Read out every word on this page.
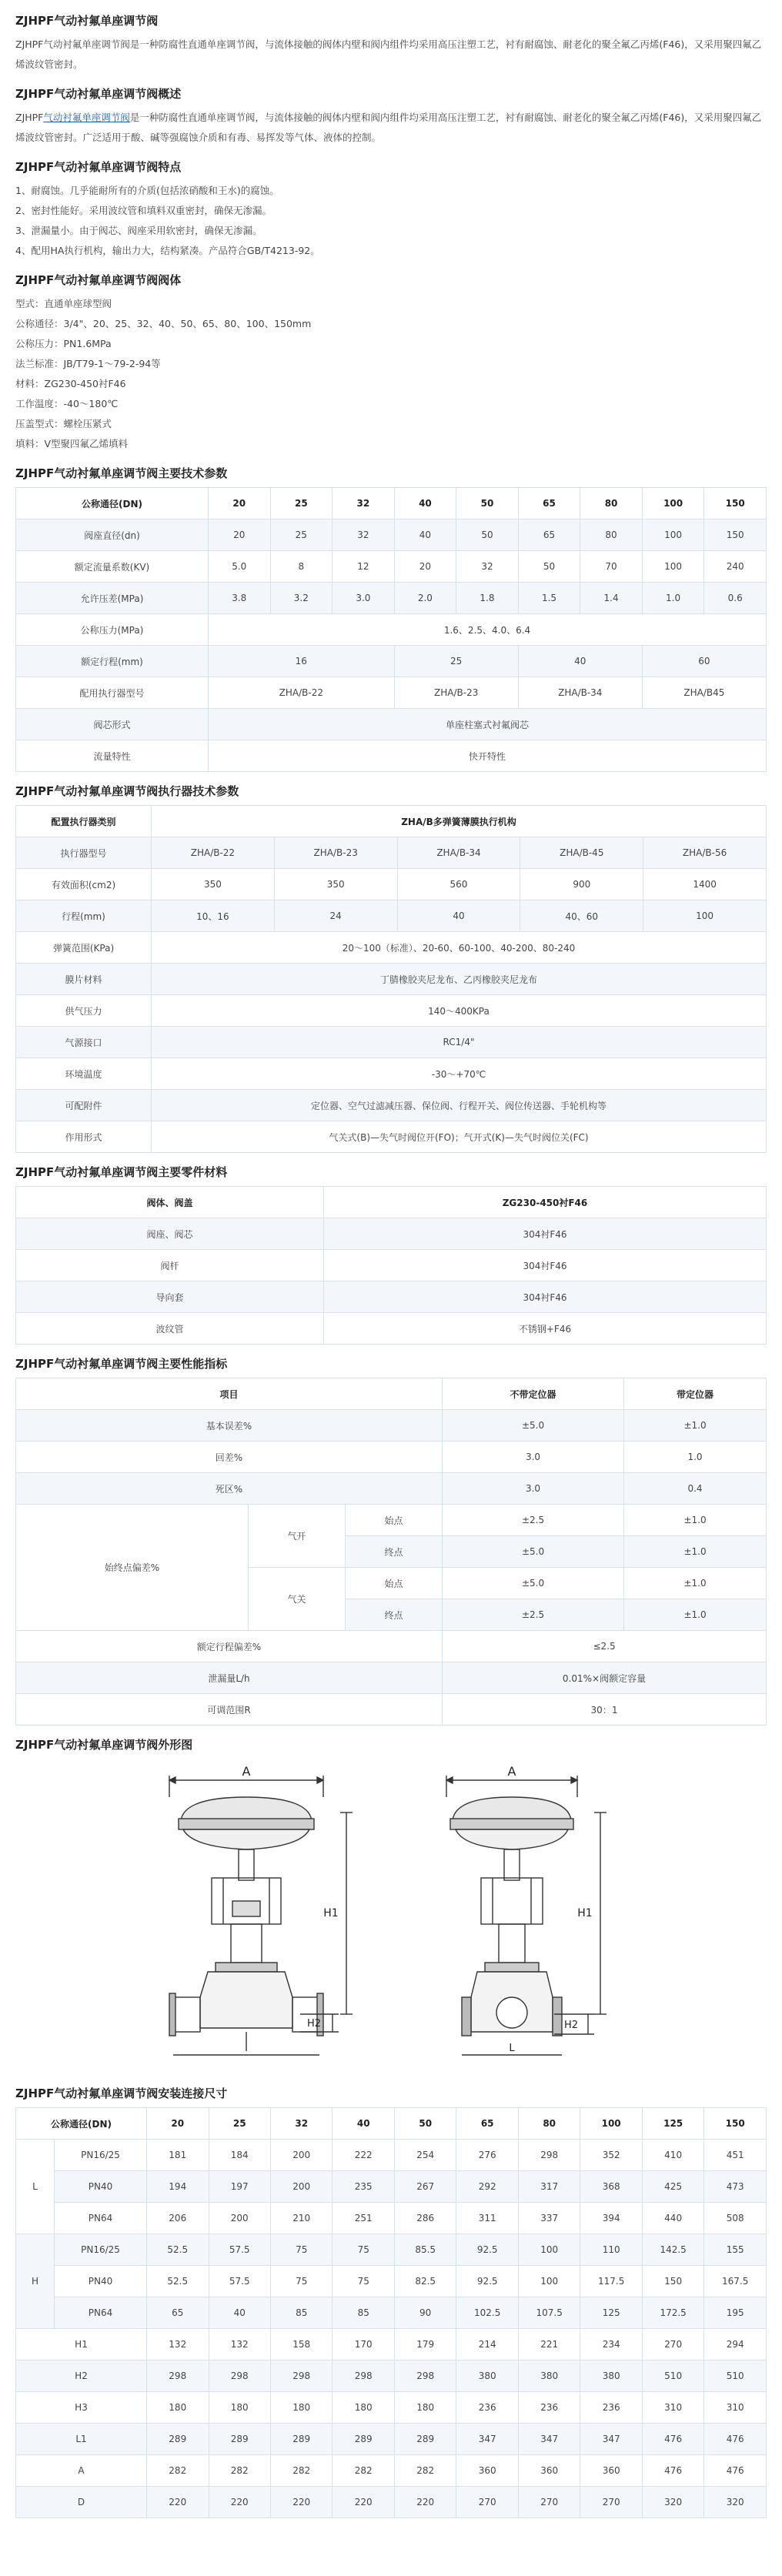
ZJHPF气动衬氟单座调节阀

ZJHPF气动衬氟单座调节阀是一种防腐性直通单座调节阀，与流体接触的阀体内壁和阀内组件均采用高压注塑工艺，衬有耐腐蚀、耐老化的聚全氟乙丙烯(F46)，又采用聚四氟乙烯波纹管密封。

ZJHPF气动衬氟单座调节阀概述

ZJHPF气动衬氟单座调节阀是一种防腐性直通单座调节阀，与流体接触的阀体内壁和阀内组件均采用高压注塑工艺，衬有耐腐蚀、耐老化的聚全氟乙丙烯(F46)，又采用聚四氟乙烯波纹管密封。广泛适用于酸、碱等强腐蚀介质和有毒、易挥发等气体、液体的控制。

ZJHPF气动衬氟单座调节阀特点
1、耐腐蚀。几乎能耐所有的介质(包括浓硝酸和王水)的腐蚀。
2、密封性能好。采用波纹管和填料双重密封，确保无渗漏。
3、泄漏量小。由于阀芯、阀座采用软密封，确保无渗漏。
4、配用HA执行机构，输出力大，结构紧凑。产品符合GB/T4213-92。
ZJHPF气动衬氟单座调节阀阀体
型式：直通单座球型阀
公称通径：3/4"、20、25、32、40、50、65、80、100、150mm
公称压力：PN1.6MPa
法兰标准：JB/T79-1～79-2-94等
材料：ZG230-450衬F46
工作温度：-40～180℃
压盖型式：螺栓压紧式
填料：V型聚四氟乙烯填料
ZJHPF气动衬氟单座调节阀主要技术参数
公称通径(DN)	20	25	32	40	50	65	80	100	150
阀座直径(dn)	20	25	32	40	50	65	80	100	150
额定流量系数(KV)	5.0	8	12	20	32	50	70	100	240
允许压差(MPa)	3.8	3.2	3.0	2.0	1.8	1.5	1.4	1.0	0.6
公称压力(MPa)	1.6、2.5、4.0、6.4								
额定行程(mm)	16			25		40		60	
配用执行器型号	ZHA/B-22			ZHA/B-23		ZHA/B-34		ZHA/B45	
阀芯形式	单座柱塞式衬氟阀芯								
流量特性	快开特性								
ZJHPF气动衬氟单座调节阀执行器技术参数
配置执行器类别	ZHA/B多弹簧薄膜执行机构				
执行器型号	ZHA/B-22	ZHA/B-23	ZHA/B-34	ZHA/B-45	ZHA/B-56
有效面积(cm2)	350	350	560	900	1400
行程(mm)	10、16	24	40	40、60	100
弹簧范围(KPa)	20～100（标准）、20-60、60-100、40-200、80-240				
膜片材料	丁腈橡胶夹尼龙布、乙丙橡胶夹尼龙布				
供气压力	140～400KPa				
气源接口	RC1/4"				
环境温度	-30～+70℃				
可配附件	定位器、空气过滤减压器、保位阀、行程开关、阀位传送器、手轮机构等				
作用形式	气关式(B)—失气时阀位开(FO)；气开式(K)—失气时阀位关(FC)				
ZJHPF气动衬氟单座调节阀主要零件材料
阀体、阀盖	ZG230-450衬F46
阀座、阀芯	304衬F46
阀杆	304衬F46
导向套	304衬F46
波纹管	不锈钢+F46
ZJHPF气动衬氟单座调节阀主要性能指标
项目			不带定位器	带定位器
基本误差%			±5.0	±1.0
回差%			3.0	1.0
死区%			3.0	0.4
始终点偏差%	气开	始点	±2.5	±1.0
		终点	±5.0	±1.0
	气关	始点	±5.0	±1.0
		终点	±2.5	±1.0
额定行程偏差%			≤2.5	
泄漏量L/h			0.01%×阀额定容量	
可调范围R			30：1	
ZJHPF气动衬氟单座调节阀外形图
A
H1
H2
A
H1
H2
L
ZJHPF气动衬氟单座调节阀安装连接尺寸
公称通径(DN)		20	25	32	40	50	65	80	100	125	150
L	PN16/25	181	184	200	222	254	276	298	352	410	451
	PN40	194	197	200	235	267	292	317	368	425	473
	PN64	206	200	210	251	286	311	337	394	440	508
H	PN16/25	52.5	57.5	75	75	85.5	92.5	100	110	142.5	155
	PN40	52.5	57.5	75	75	82.5	92.5	100	117.5	150	167.5
	PN64	65	40	85	85	90	102.5	107.5	125	172.5	195
H1		132	132	158	170	179	214	221	234	270	294
H2		298	298	298	298	298	380	380	380	510	510
H3		180	180	180	180	180	236	236	236	310	310
L1		289	289	289	289	289	347	347	347	476	476
A		282	282	282	282	282	360	360	360	476	476
D		220	220	220	220	220	270	270	270	320	320
